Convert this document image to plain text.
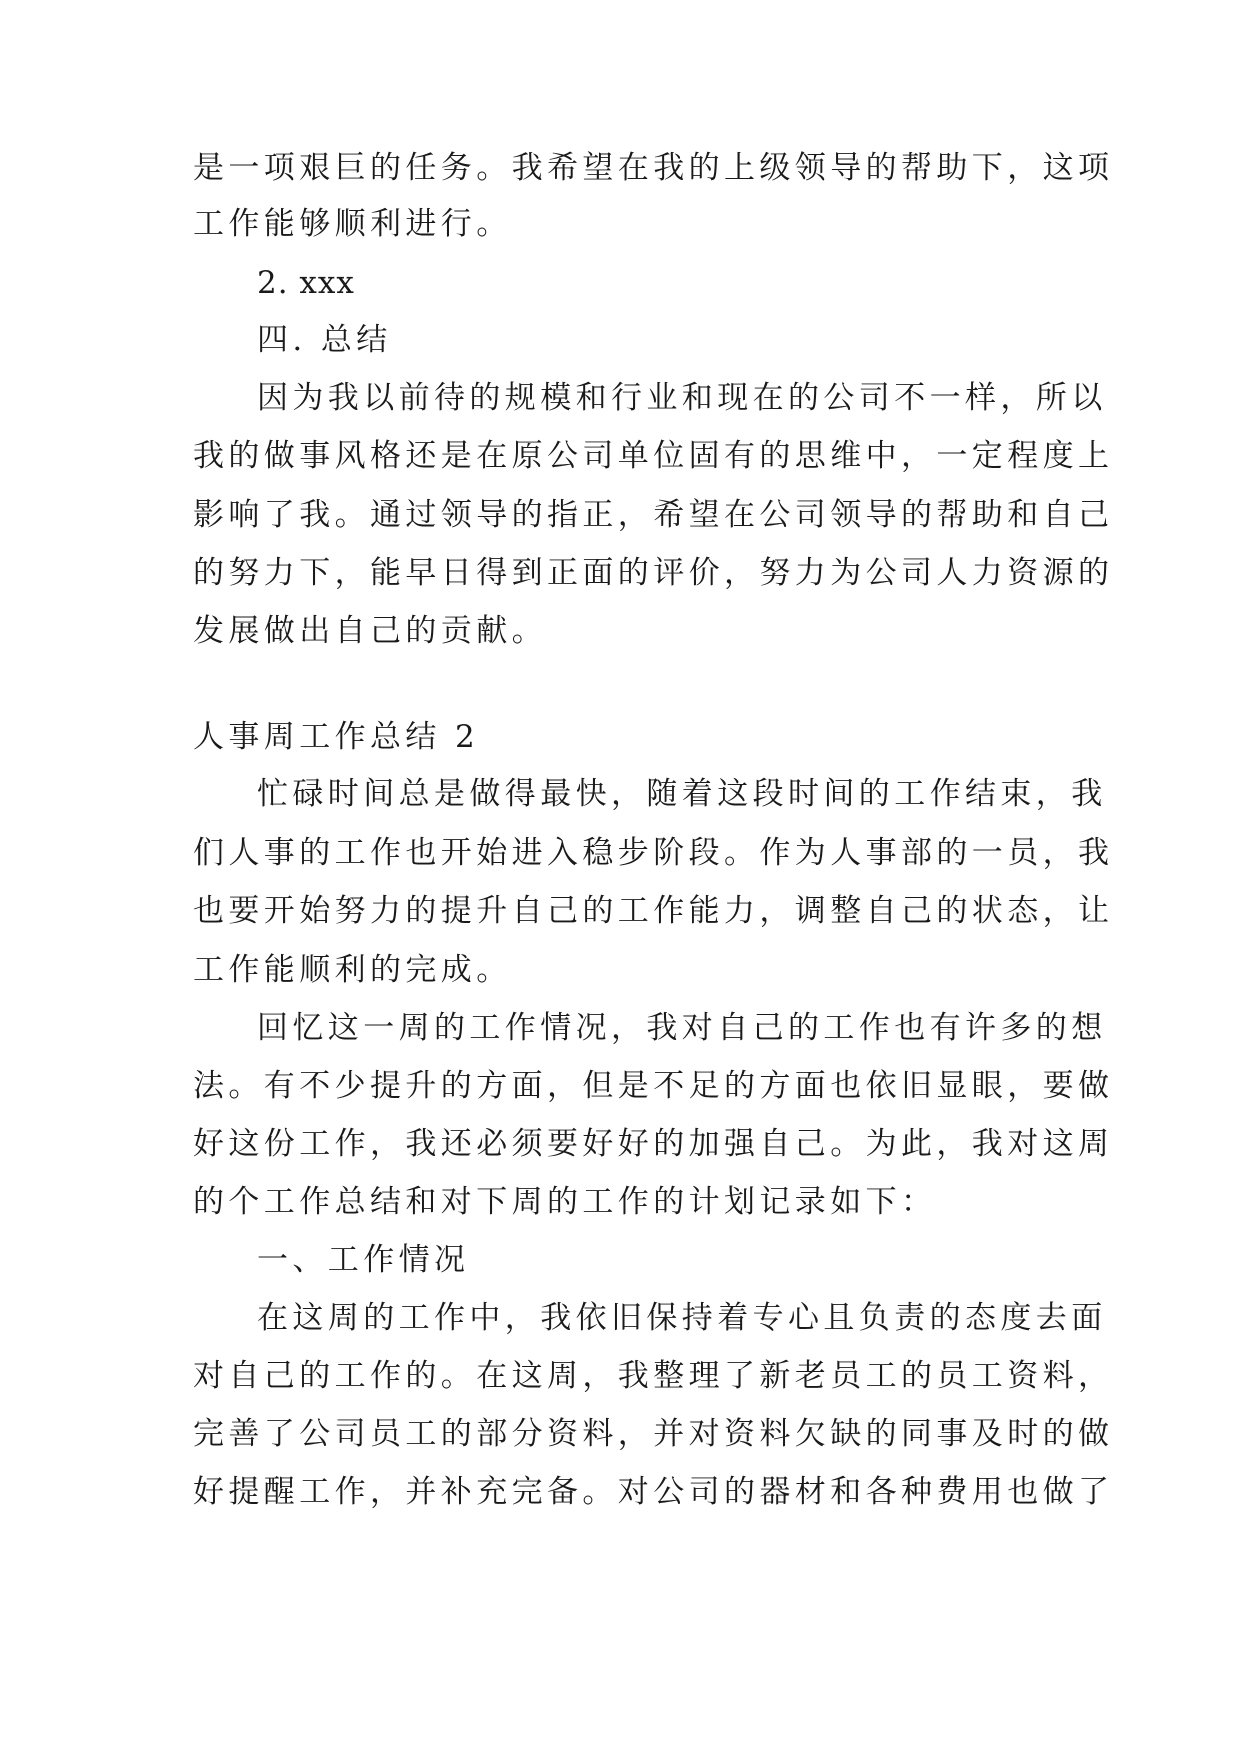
是一项艰巨的任务。我希望在我的上级领导的帮助下，这项

工作能够顺利进行。

2. xxx

四. 总结

因为我以前待的规模和行业和现在的公司不一样，所以

我的做事风格还是在原公司单位固有的思维中，一定程度上

影响了我。通过领导的指正，希望在公司领导的帮助和自己

的努力下，能早日得到正面的评价，努力为公司人力资源的

发展做出自己的贡献。

人事周工作总结 2

忙碌时间总是做得最快，随着这段时间的工作结束，我

们人事的工作也开始进入稳步阶段。作为人事部的一员，我

也要开始努力的提升自己的工作能力，调整自己的状态，让

工作能顺利的完成。

回忆这一周的工作情况，我对自己的工作也有许多的想

法。有不少提升的方面，但是不足的方面也依旧显眼，要做

好这份工作，我还必须要好好的加强自己。为此，我对这周

的个工作总结和对下周的工作的计划记录如下：

一、工作情况

在这周的工作中，我依旧保持着专心且负责的态度去面

对自己的工作的。在这周，我整理了新老员工的员工资料，

完善了公司员工的部分资料，并对资料欠缺的同事及时的做

好提醒工作，并补充完备。对公司的器材和各种费用也做了
